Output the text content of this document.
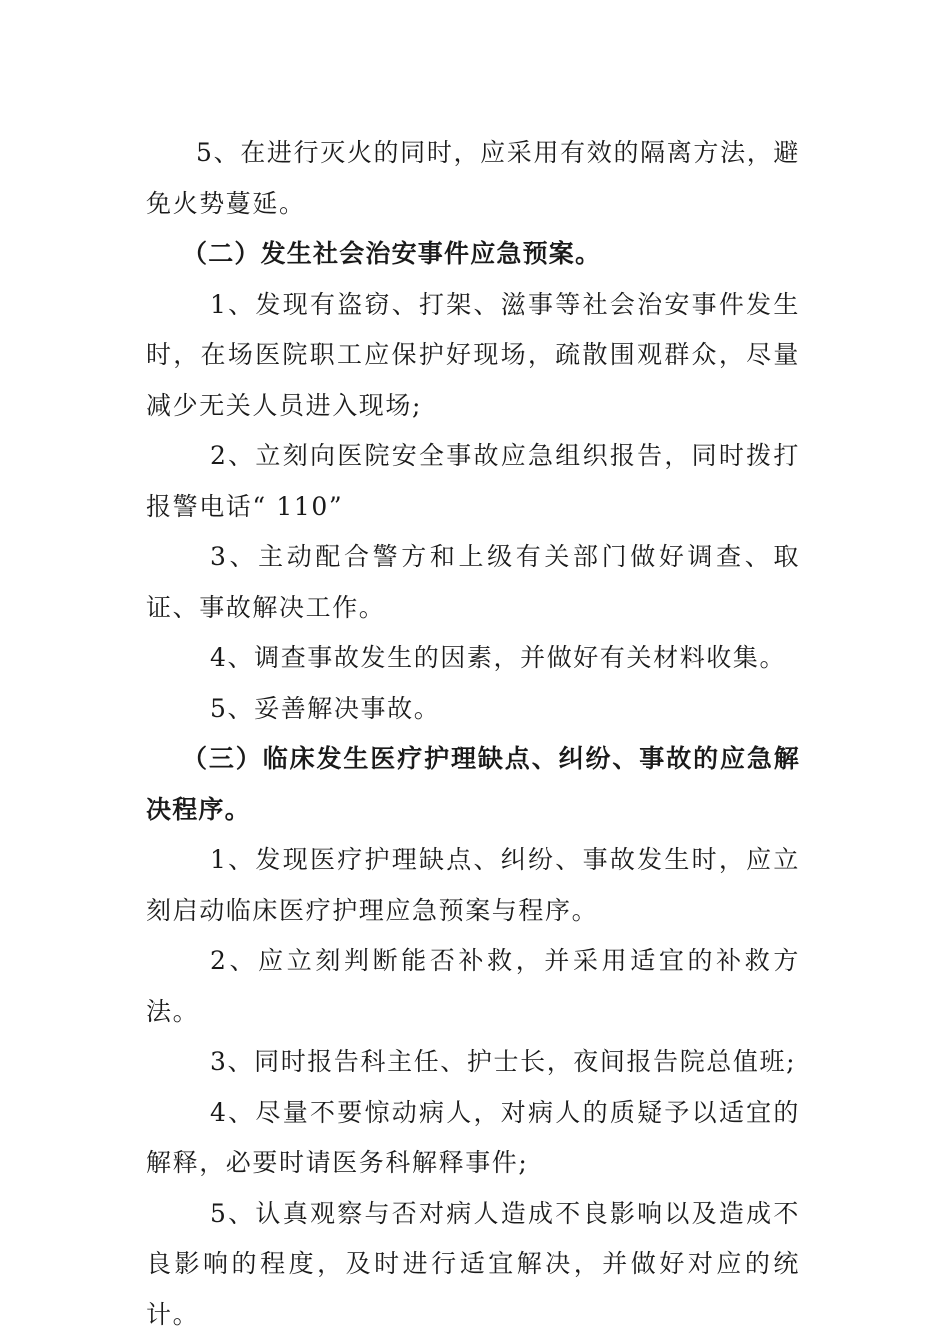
5、在进行灭火的同时，应采用有效的隔离方法，避免火势蔓延。

（二）发生社会治安事件应急预案。

1、发现有盗窃、打架、滋事等社会治安事件发生时，在场医院职工应保护好现场，疏散围观群众，尽量减少无关人员进入现场;

2、立刻向医院安全事故应急组织报告，同时拨打报警电话“ 110”

3、主动配合警方和上级有关部门做好调查、取证、事故解决工作。

4、调查事故发生的因素，并做好有关材料收集。

5、妥善解决事故。

（三）临床发生医疗护理缺点、纠纷、事故的应急解决程序。

1、发现医疗护理缺点、纠纷、事故发生时，应立刻启动临床医疗护理应急预案与程序。

2、应立刻判断能否补救，并采用适宜的补救方法。

3、同时报告科主任、护士长，夜间报告院总值班;

4、尽量不要惊动病人，对病人的质疑予以适宜的解释，必要时请医务科解释事件;

5、认真观察与否对病人造成不良影响以及造成不良影响的程度，及时进行适宜解决，并做好对应的统计。
